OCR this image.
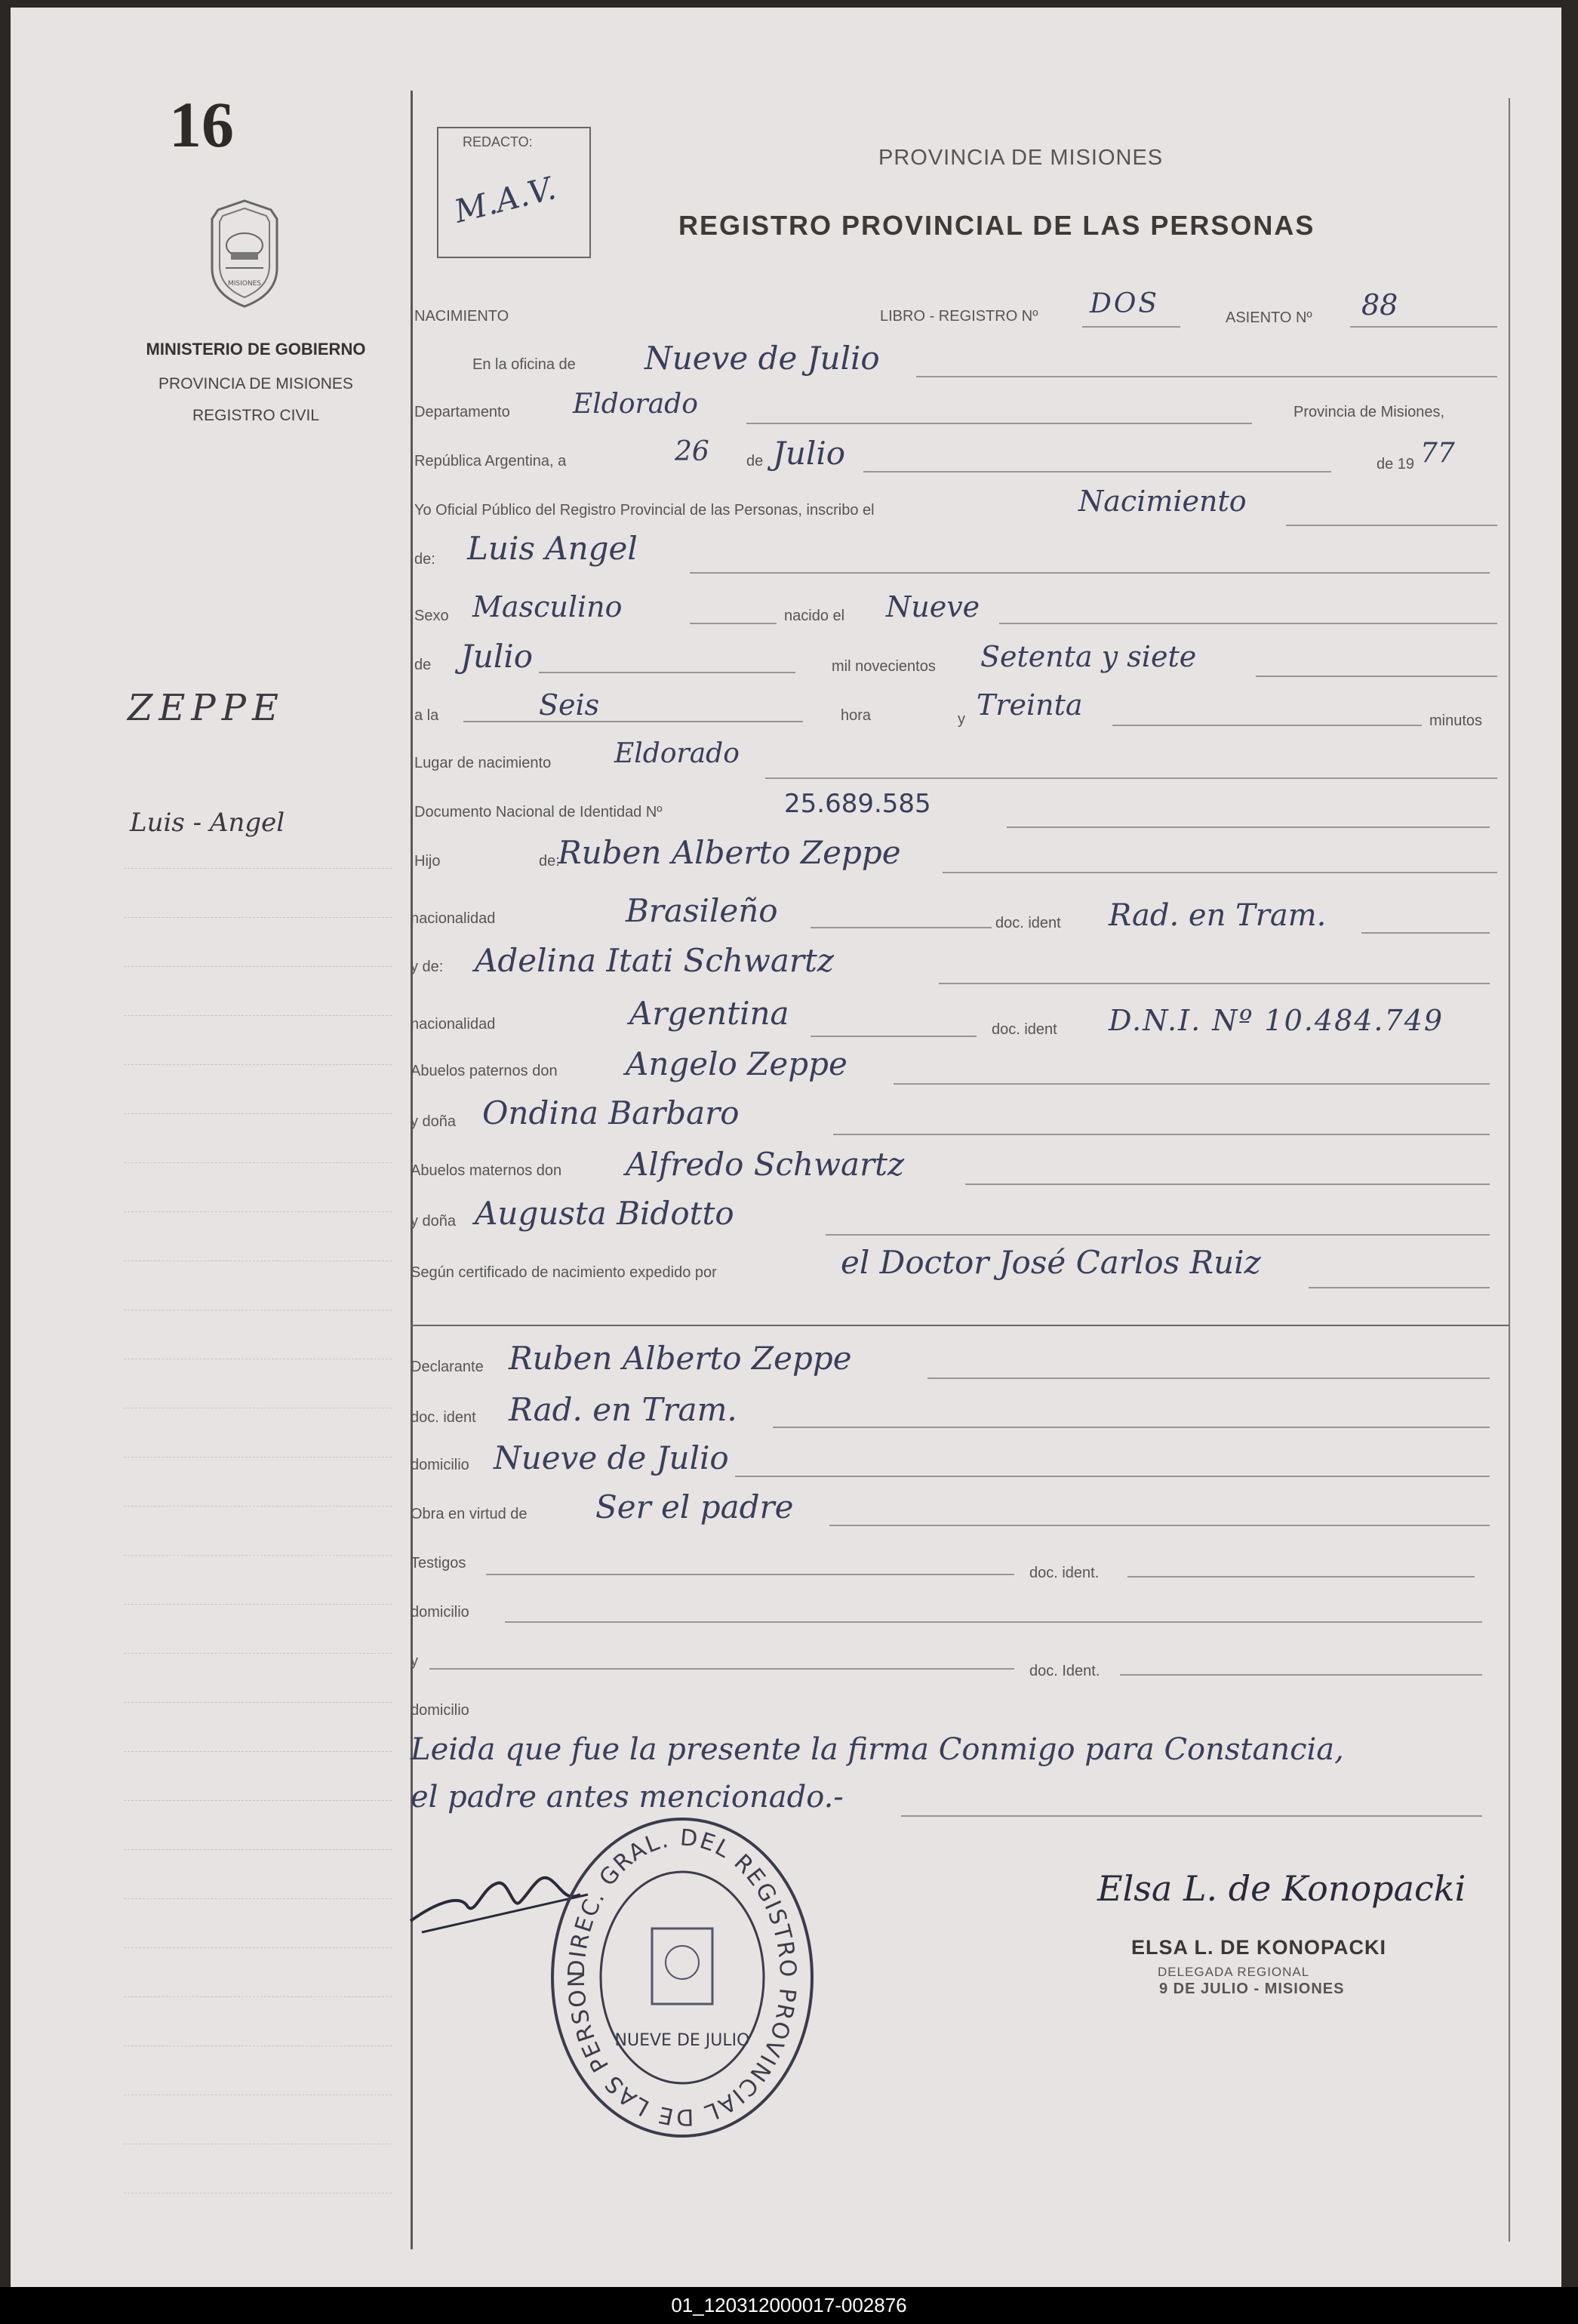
16
MISIONES
MINISTERIO DE GOBIERNO
PROVINCIA DE MISIONES
REGISTRO CIVIL
ZEPPE
Luis - Angel
REDACTO:
M.A.V.
PROVINCIA DE MISIONES
REGISTRO PROVINCIAL DE LAS PERSONAS
NACIMIENTO	LIBRO - REGISTRO Nº DOS	ASIENTO Nº 88
En la oficina de Nueve de Julio
Departamento Eldorado	Provincia de Misiones,
República Argentina, a	26 de Julio	de 19 77
Yo Oficial Público del Registro Provincial de las Personas, inscribo el	Nacimiento
de: Luis Angel
Sexo Masculino	nacido el Nueve
de Julio	mil novecientos Setenta y siete
a la	Seis	hora	y Treinta	minutos
Lugar de nacimiento Eldorado
Documento Nacional de Identidad Nº	25.689.585
Hijo	de:
Ruben Alberto Zeppe
nacionalidad	Brasileño	doc. ident Rad. en Tram.
y de: Adelina Itati Schwartz
nacionalidad	Argentina	doc. ident D.N.I. Nº 10.484.749
Abuelos paternos don Angelo Zeppe
y doña Ondina Barbaro
Abuelos maternos don Alfredo Schwartz
y doña Augusta Bidotto
Según certificado de nacimiento expedido por	el Doctor José Carlos Ruiz
Declarante Ruben Alberto Zeppe
doc. ident Rad. en Tram.
domicilio Nueve de Julio
Obra en virtud de Ser el padre
Testigos
doc. ident.
domicilio
y
doc. Ident.
domicilio
Leida que fue la presente la firma Conmigo para Constancia,
el padre antes mencionado.-
DIREC. GRAL. DEL REGISTRO PROVINCIAL DE LAS PERSON
NUEVE DE JULIO
Elsa L. de Konopacki
ELSA L. DE KONOPACKI
DELEGADA REGIONAL
9 DE JULIO - MISIONES
01_120312000017-002876
